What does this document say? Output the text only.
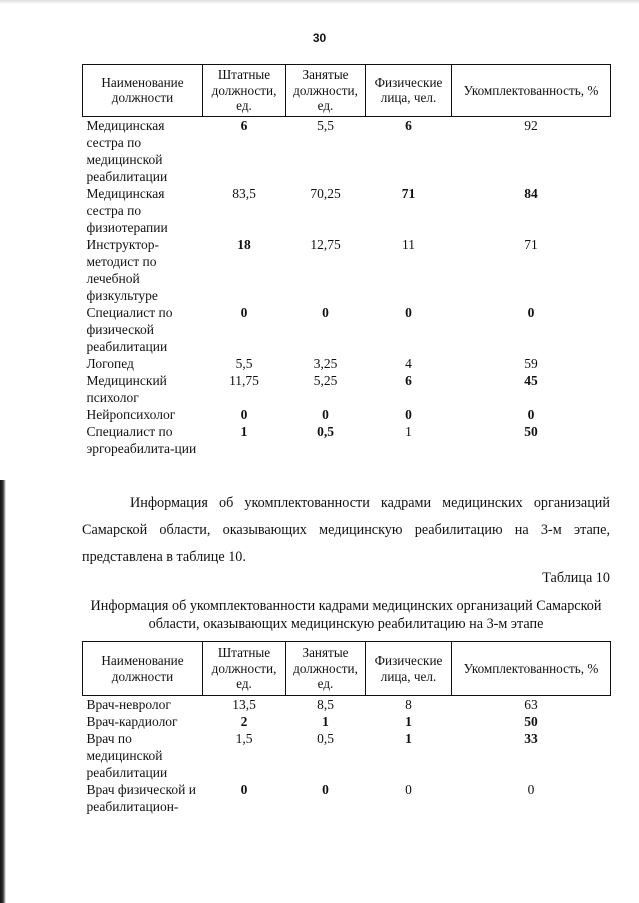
30
Наименование должности	Штатные должности, ед.	Занятые должности, ед.	Физические лица, чел.	Укомплектованность, %
Медицинская сестра по медицинской реабилитации	6	5,5	6	92
Медицинская сестра по физиотерапии	83,5	70,25	71	84
Инструктор-методист по лечебной физкультуре	18	12,75	11	71
Специалист по физической реабилитации	0	0	0	0
Логопед	5,5	3,25	4	59
Медицинский психолог	11,75	5,25	6	45
Нейропсихолог	0	0	0	0
Специалист по эргореабилита-ции	1	0,5	1	50

Информация об укомплектованности кадрами медицинских организаций Самарской области, оказывающих медицинскую реабилитацию на 3-м этапе, представлена в таблице 10.

Таблица 10
Информация об укомплектованности кадрами медицинских организаций Самарской области, оказывающих медицинскую реабилитацию на 3-м этапе
Наименование должности	Штатные должности, ед.	Занятые должности, ед.	Физические лица, чел.	Укомплектованность, %
Врач-невролог	13,5	8,5	8	63
Врач-кардиолог	2	1	1	50
Врач по медицинской реабилитации	1,5	0,5	1	33
Врач физической и реабилитацион-	0	0	0	0
